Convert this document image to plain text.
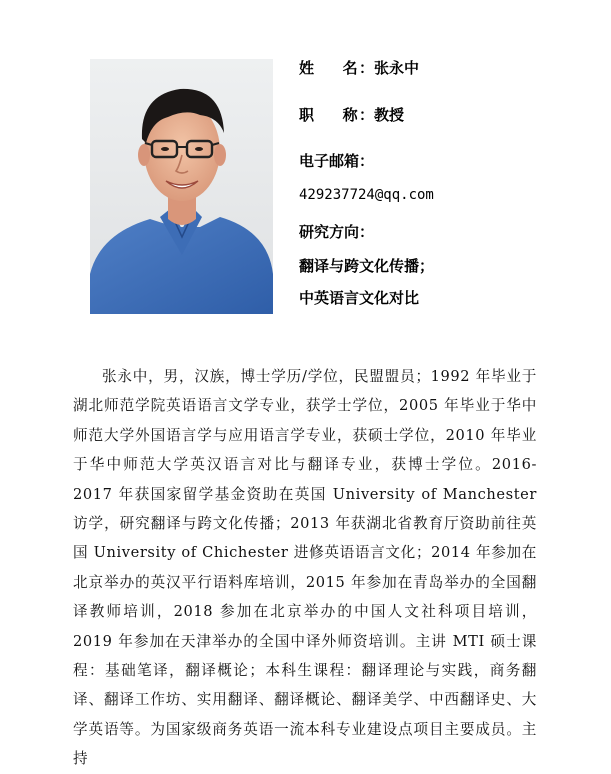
姓 名：张永中
职 称：教授
电子邮箱：
429237724@qq.com
研究方向：
翻译与跨文化传播；
中英语言文化对比

张永中，男，汉族，博士学历/学位，民盟盟员；1992 年毕业于湖北师范学院英语语言文学专业，获学士学位，2005 年毕业于华中师范大学外国语言学与应用语言学专业，获硕士学位，2010 年毕业于华中师范大学英汉语言对比与翻译专业，获博士学位。2016-2017 年获国家留学基金资助在英国 University of Manchester 访学，研究翻译与跨文化传播；2013 年获湖北省教育厅资助前往英国 University of Chichester 进修英语语言文化；2014 年参加在北京举办的英汉平行语料库培训，2015 年参加在青岛举办的全国翻译教师培训，2018 参加在北京举办的中国人文社科项目培训，2019 年参加在天津举办的全国中译外师资培训。主讲 MTI 硕士课程：基础笔译，翻译概论；本科生课程：翻译理论与实践，商务翻译、翻译工作坊、实用翻译、翻译概论、翻译美学、中西翻译史、大学英语等。为国家级商务英语一流本科专业建设点项目主要成员。主持
